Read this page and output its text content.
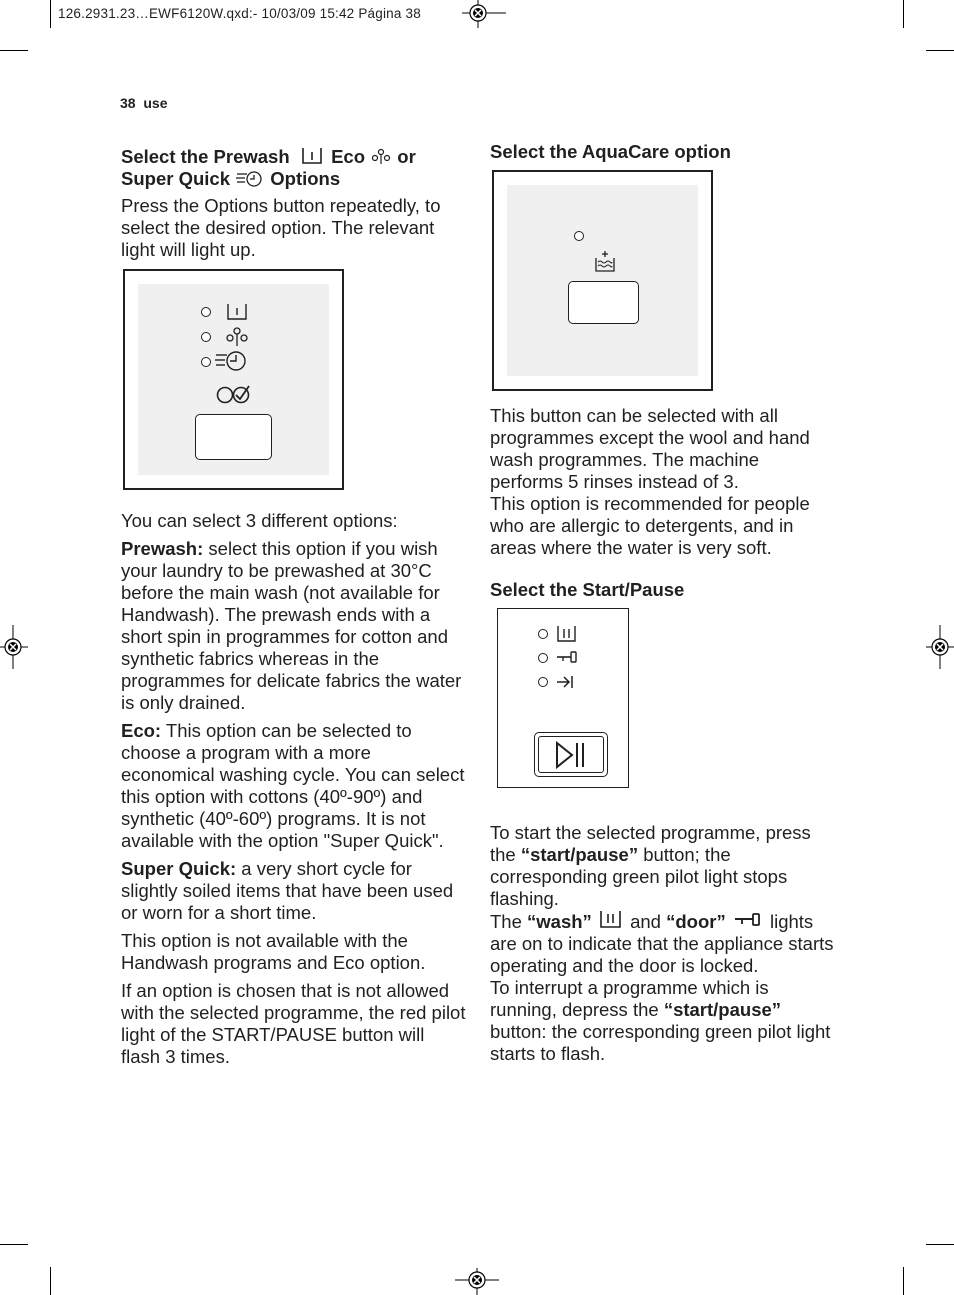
126.2931.23…EWF6120W.qxd:- 10/03/09 15:42 Página 38
38 use
Select the Prewash Eco or
Super Quick Options

Press the Options button repeatedly, to select the desired option. The relevant light will light up.

You can select 3 different options:

Prewash: select this option if you wish your laundry to be prewashed at 30°C before the main wash (not available for Handwash). The prewash ends with a short spin in programmes for cotton and synthetic fabrics whereas in the programmes for delicate fabrics the water is only drained.

Eco: This option can be selected to choose a program with a more economical washing cycle. You can select this option with cottons (40º-90º) and synthetic (40º-60º) programs. It is not available with the option "Super Quick".

Super Quick: a very short cycle for slightly soiled items that have been used or worn for a short time.

This option is not available with the Handwash programs and Eco option.

If an option is chosen that is not allowed with the selected programme, the red pilot light of the START/PAUSE button will flash 3 times.

Select the AquaCare option

This button can be selected with all programmes except the wool and hand wash programmes. The machine performs 5 rinses instead of 3.

This option is recommended for people who are allergic to detergents, and in areas where the water is very soft.

Select the Start/Pause

To start the selected programme, press the “start/pause” button; the corresponding green pilot light stops flashing.

The “wash”  and “door”  lights are on to indicate that the appliance starts operating and the door is locked.

To interrupt a programme which is running, depress the “start/pause” button: the corresponding green pilot light starts to flash.
